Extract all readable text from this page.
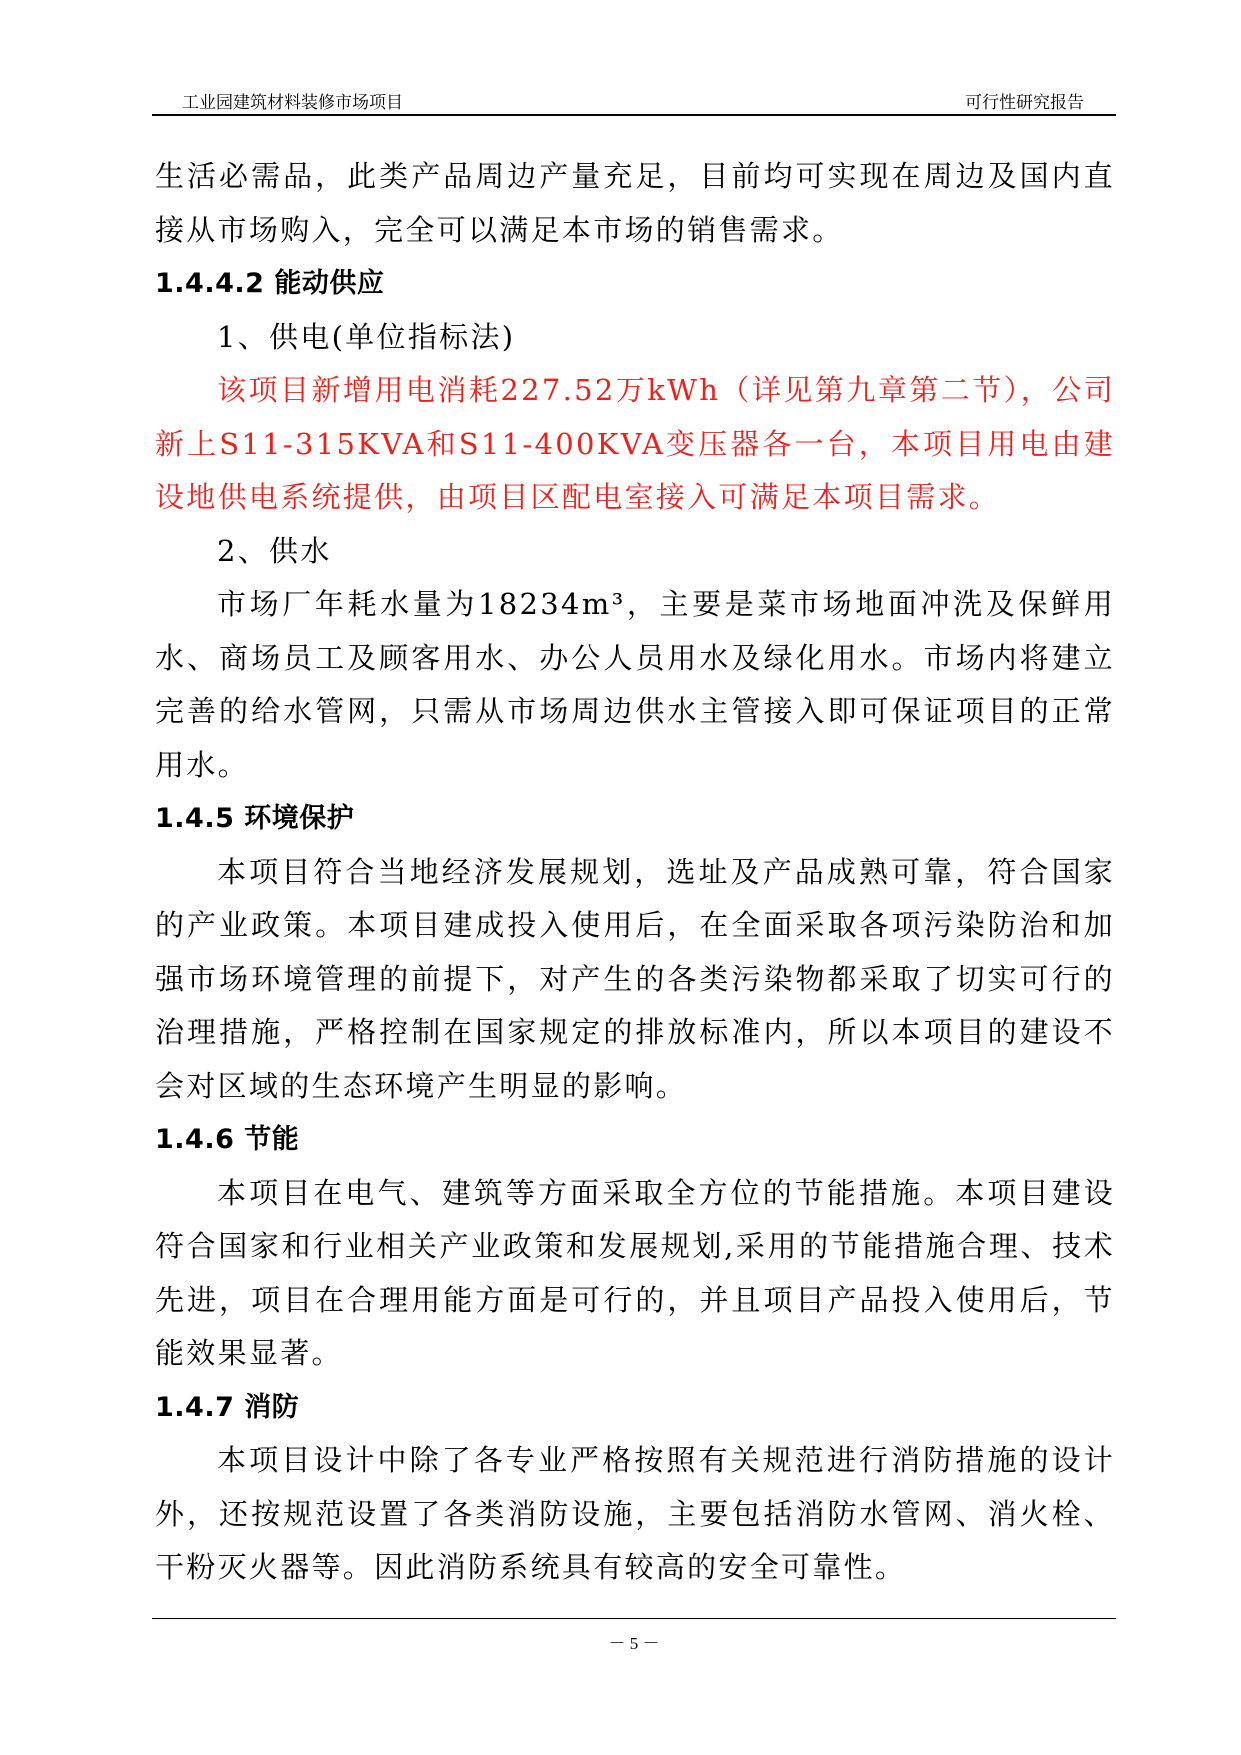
工业园建筑材料装修市场项目	可行性研究报告

生活必需品，此类产品周边产量充足，目前均可实现在周边及国内直接从市场购入，完全可以满足本市场的销售需求。

1.4.4.2 能动供应

1、供电(单位指标法)

该项目新增用电消耗227.52万kWh（详见第九章第二节），公司新上S11-315KVA和S11-400KVA变压器各一台，本项目用电由建设地供电系统提供，由项目区配电室接入可满足本项目需求。

2、供水

市场厂年耗水量为18234m³，主要是菜市场地面冲洗及保鲜用水、商场员工及顾客用水、办公人员用水及绿化用水。市场内将建立完善的给水管网，只需从市场周边供水主管接入即可保证项目的正常用水。

1.4.5 环境保护

本项目符合当地经济发展规划，选址及产品成熟可靠，符合国家的产业政策。本项目建成投入使用后，在全面采取各项污染防治和加强市场环境管理的前提下，对产生的各类污染物都采取了切实可行的治理措施，严格控制在国家规定的排放标准内，所以本项目的建设不会对区域的生态环境产生明显的影响。

1.4.6 节能

本项目在电气、建筑等方面采取全方位的节能措施。本项目建设符合国家和行业相关产业政策和发展规划,采用的节能措施合理、技术先进，项目在合理用能方面是可行的，并且项目产品投入使用后，节能效果显著。

1.4.7 消防

本项目设计中除了各专业严格按照有关规范进行消防措施的设计外，还按规范设置了各类消防设施，主要包括消防水管网、消火栓、干粉灭火器等。因此消防系统具有较高的安全可靠性。

－ 5 －
